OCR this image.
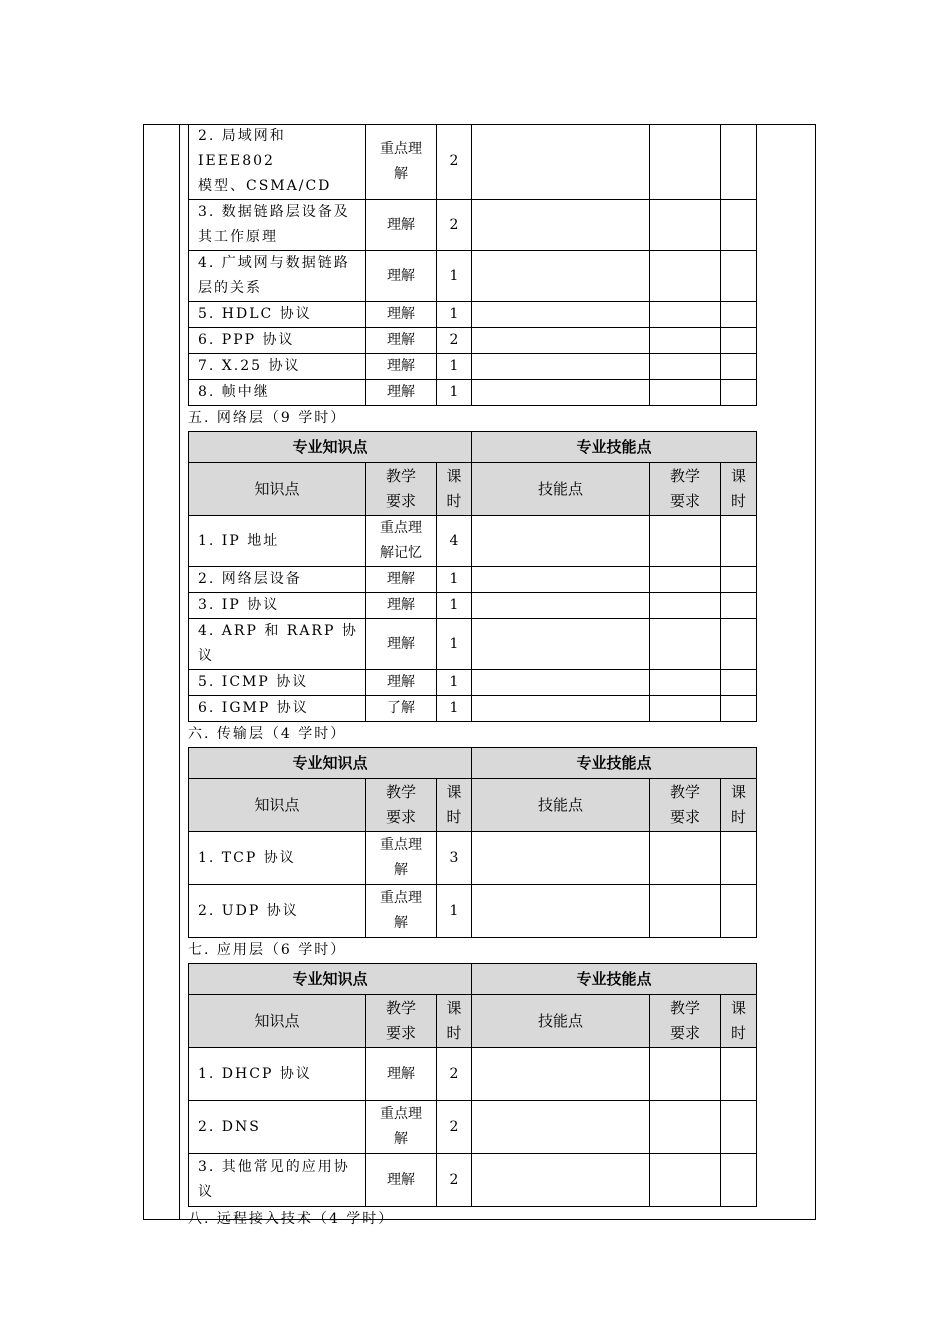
2. 局域网和 IEEE802
模型、CSMA/CD	重点理
解	2			
3. 数据链路层设备及
其工作原理	理解	2			
4. 广域网与数据链路
层的关系	理解	1			
5. HDLC 协议	理解	1			
6. PPP 协议	理解	2			
7. X.25 协议	理解	1			
8. 帧中继	理解	1			
五. 网络层（9 学时）
专业知识点			专业技能点		
知识点	教学
要求	课
时	技能点	教学
要求	课
时
1. IP 地址	重点理
解记忆	4			
2. 网络层设备	理解	1			
3. IP 协议	理解	1			
4. ARP 和 RARP 协议	理解	1			
5. ICMP 协议	理解	1			
6. IGMP 协议	了解	1			
六. 传输层（4 学时）
专业知识点			专业技能点		
知识点	教学
要求	课
时	技能点	教学
要求	课
时
1. TCP 协议	重点理
解	3			
2. UDP 协议	重点理
解	1			
七. 应用层（6 学时）
专业知识点			专业技能点		
知识点	教学
要求	课
时	技能点	教学
要求	课
时
1. DHCP 协议	理解	2			
2. DNS	重点理
解	2			
3. 其他常见的应用协
议	理解	2			
八. 远程接入技术（4 学时）
